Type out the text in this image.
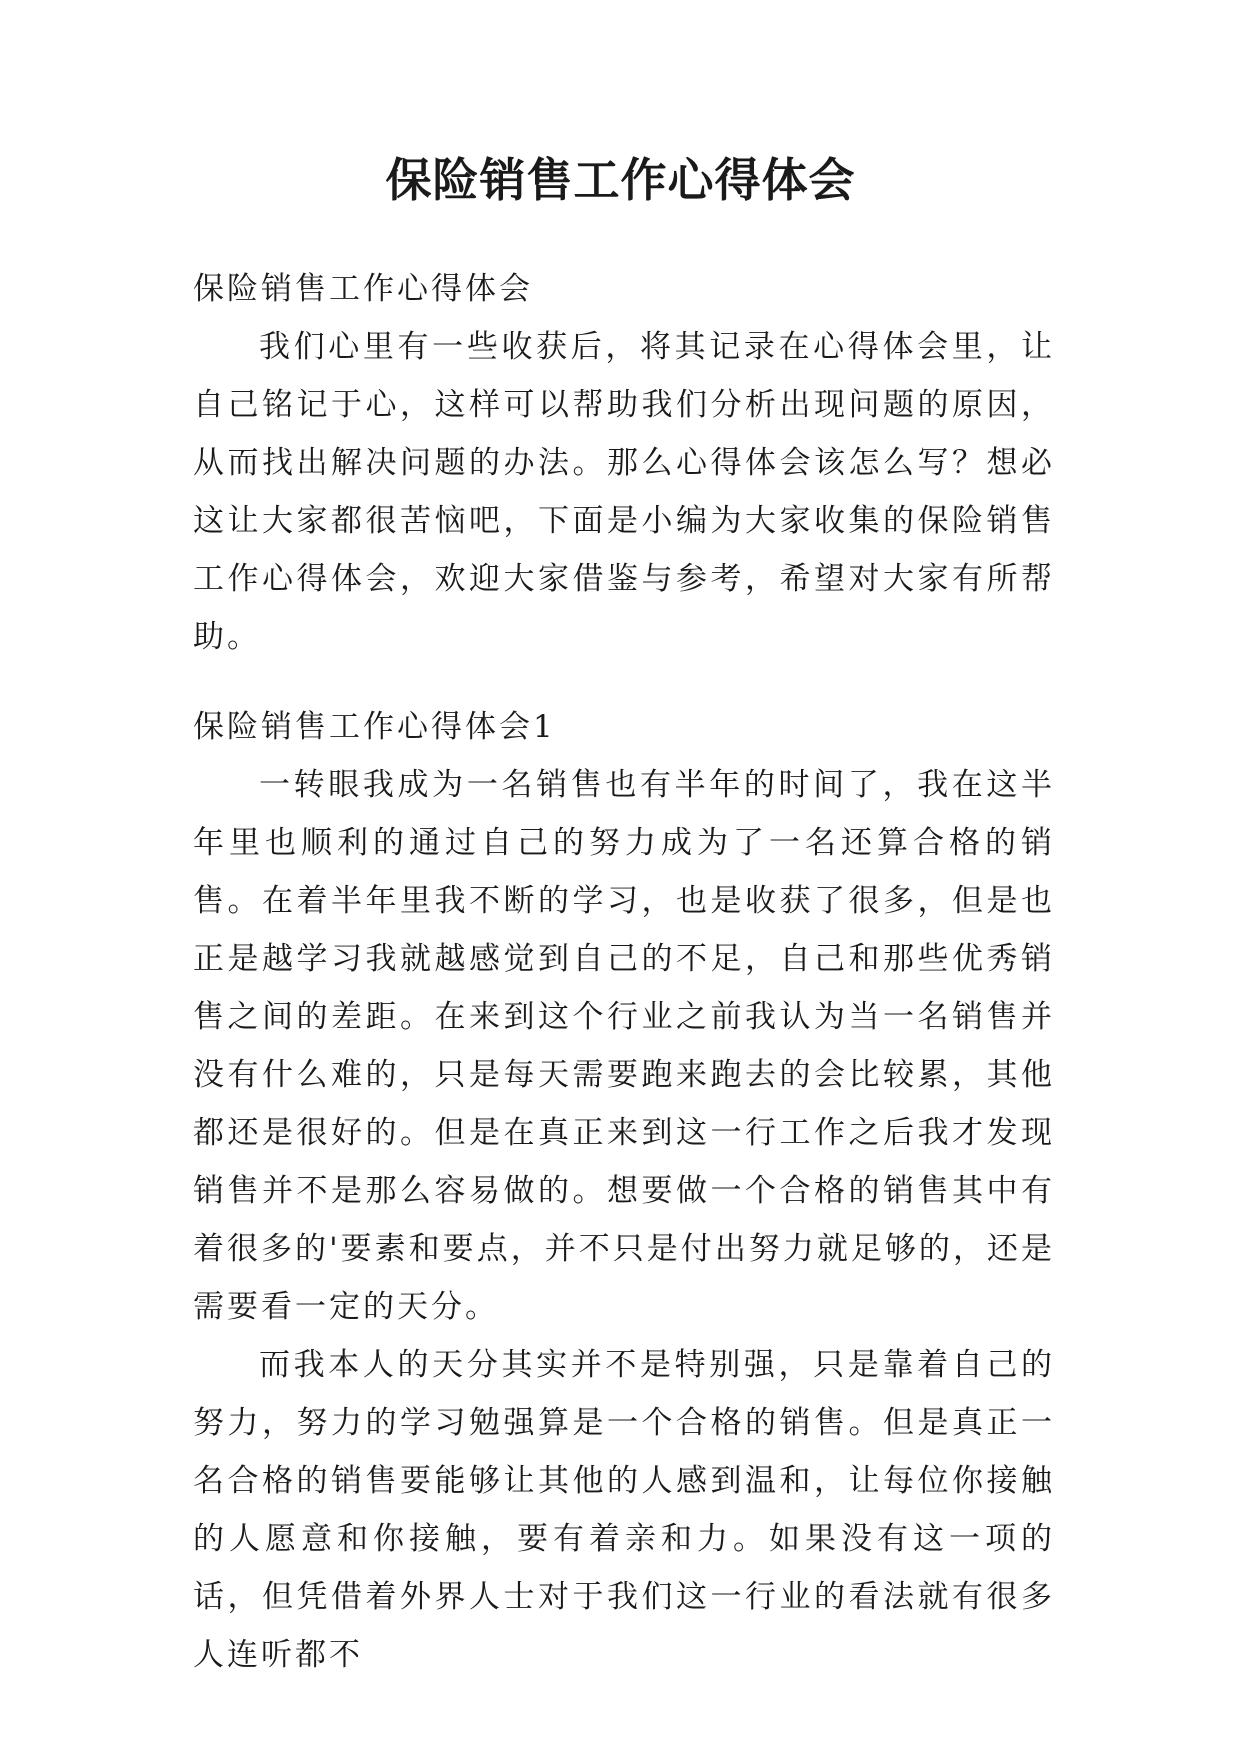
保险销售工作心得体会

保险销售工作心得体会

我们心里有一些收获后，将其记录在心得体会里，让自己铭记于心，这样可以帮助我们分析出现问题的原因，从而找出解决问题的办法。那么心得体会该怎么写？想必这让大家都很苦恼吧，下面是小编为大家收集的保险销售工作心得体会，欢迎大家借鉴与参考，希望对大家有所帮助。

保险销售工作心得体会1

一转眼我成为一名销售也有半年的时间了，我在这半年里也顺利的通过自己的努力成为了一名还算合格的销售。在着半年里我不断的学习，也是收获了很多，但是也正是越学习我就越感觉到自己的不足，自己和那些优秀销售之间的差距。在来到这个行业之前我认为当一名销售并没有什么难的，只是每天需要跑来跑去的会比较累，其他都还是很好的。但是在真正来到这一行工作之后我才发现销售并不是那么容易做的。想要做一个合格的销售其中有着很多的'要素和要点，并不只是付出努力就足够的，还是需要看一定的天分。

而我本人的天分其实并不是特别强，只是靠着自己的努力，努力的学习勉强算是一个合格的销售。但是真正一名合格的销售要能够让其他的人感到温和，让每位你接触的人愿意和你接触，要有着亲和力。如果没有这一项的话，但凭借着外界人士对于我们这一行业的看法就有很多人连听都不
